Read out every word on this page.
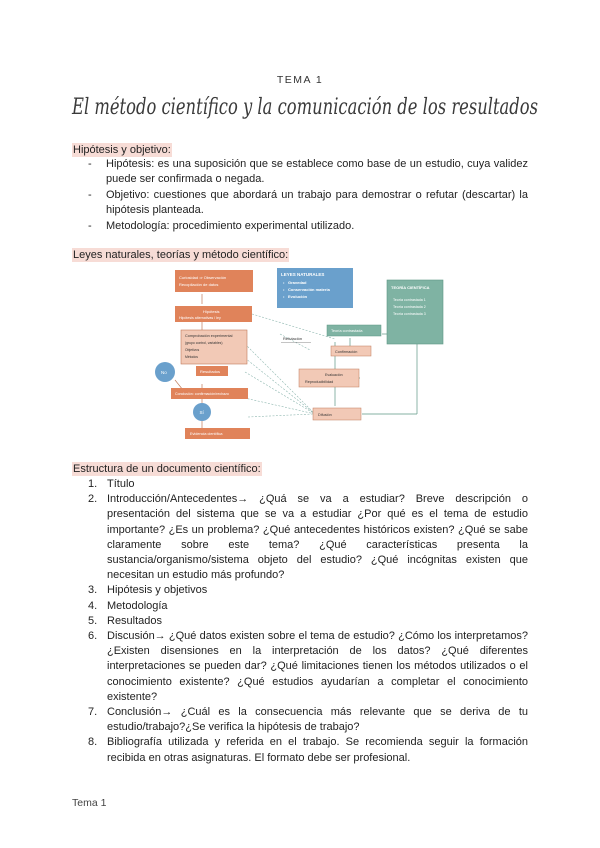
TEMA 1
El método científico y la comunicación de los resultados
Hipótesis y objetivo:
- Hipótesis: es una suposición que se establece como base de un estudio, cuya validez puede ser confirmada o negada.
- Objetivo: cuestiones que abordará un trabajo para demostrar o refutar (descartar) la hipótesis planteada.
- Metodología: procedimiento experimental utilizado.
Leyes naturales, teorías y método científico:
Curiosidad ⇒ Observación
Recopilación de datos
Hipótesis
Hipótesis alternativas / ley
Comprobación experimental
(grupo control, variables)
Objetivos
Métodos
Resultados
No
Conclusión: confirmación/rechazo
Sí
Evidencia científica
LEYES NATURALES
• Gravedad
• Conservación materia
• Evolución
TEORÍA CIENTÍFICA
Teoría contrastada 1
Teoría contrastada 2
Teoría contrastada 3
Teoría contrastada
Refutación
Confirmación
Evaluación
Reproducibilidad
Difusión
Estructura de un documento científico:
1. Título
2. Introducción/Antecedentes→ ¿Quá se va a estudiar? Breve descripción o presentación del sistema que se va a estudiar ¿Por qué es el tema de estudio importante? ¿Es un problema? ¿Qué antecedentes históricos existen? ¿Qué se sabe claramente sobre este tema? ¿Qué características presenta la sustancia/organismo/sistema objeto del estudio? ¿Qué incógnitas existen que necesitan un estudio más profundo?
3. Hipótesis y objetivos
4. Metodología
5. Resultados
6. Discusión→ ¿Qué datos existen sobre el tema de estudio? ¿Cómo los interpretamos?¿Existen disensiones en la interpretación de los datos? ¿Qué diferentes interpretaciones se pueden dar? ¿Qué limitaciones tienen los métodos utilizados o el conocimiento existente? ¿Qué estudios ayudarían a completar el conocimiento existente?
7. Conclusión→ ¿Cuál es la consecuencia más relevante que se deriva de tu estudio/trabajo?¿Se verifica la hipótesis de trabajo?
8. Bibliografía utilizada y referida en el trabajo. Se recomienda seguir la formación recibida en otras asignaturas. El formato debe ser profesional.
Tema 1
